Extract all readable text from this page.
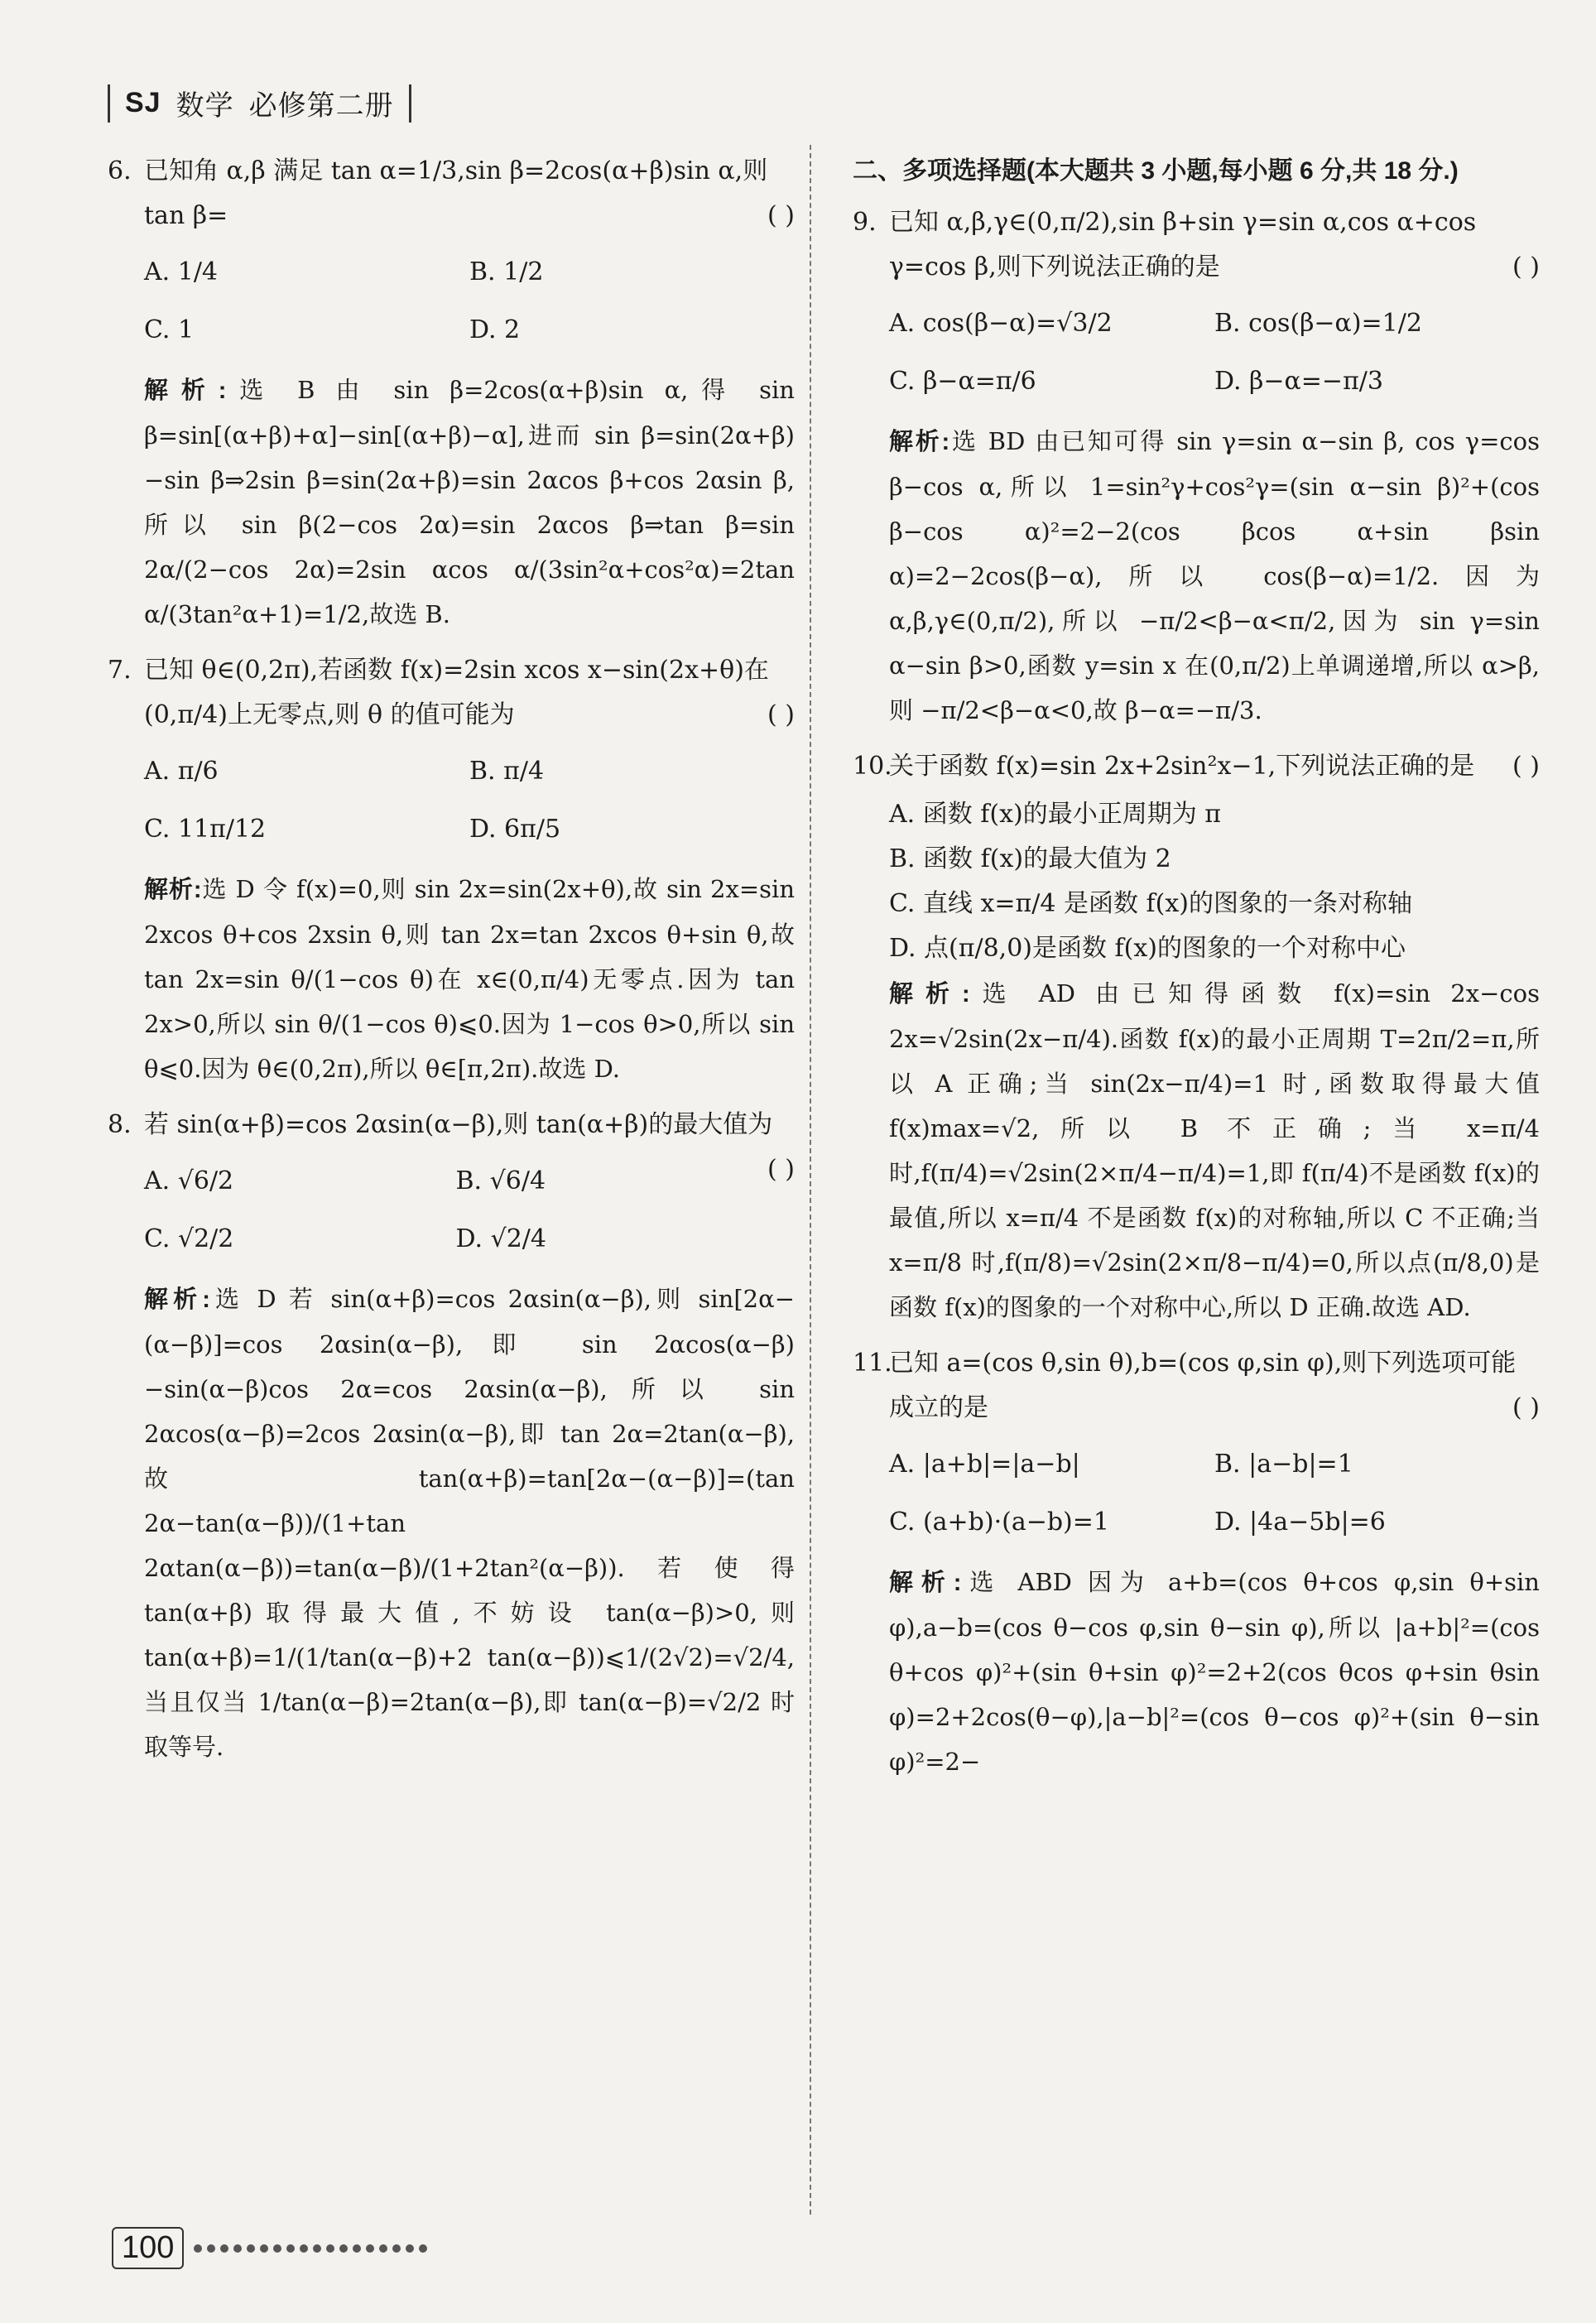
SJ 数学 必修第二册

6. 已知角 α,β 满足 tan α=1/3,sin β=2cos(α+β)sin α,则 tan β=	( )

A. 1/4	B. 1/2
C. 1	D. 2

解析:选 B 由 sin β=2cos(α+β)sin α,得 sin β=sin[(α+β)+α]−sin[(α+β)−α],进而 sin β=sin(2α+β)−sin β⇒2sin β=sin(2α+β)=sin 2αcos β+cos 2αsin β,所以 sin β(2−cos 2α)=sin 2αcos β⇒tan β=sin 2α/(2−cos 2α)=2sin αcos α/(3sin²α+cos²α)=2tan α/(3tan²α+1)=1/2,故选 B.

7. 已知 θ∈(0,2π),若函数 f(x)=2sin xcos x−sin(2x+θ)在(0,π/4)上无零点,则 θ 的值可能为	( )

A. π/6	B. π/4
C. 11π/12	D. 6π/5

解析:选 D 令 f(x)=0,则 sin 2x=sin(2x+θ),故 sin 2x=sin 2xcos θ+cos 2xsin θ,则 tan 2x=tan 2xcos θ+sin θ,故 tan 2x=sin θ/(1−cos θ)在 x∈(0,π/4)无零点.因为 tan 2x>0,所以 sin θ/(1−cos θ)⩽0.因为 1−cos θ>0,所以 sin θ⩽0.因为 θ∈(0,2π),所以 θ∈[π,2π).故选 D.

8. 若 sin(α+β)=cos 2αsin(α−β),则 tan(α+β)的最大值为
( )

A. √6/2	B. √6/4
C. √2/2	D. √2/4

解析:选 D 若 sin(α+β)=cos 2αsin(α−β),则 sin[2α−(α−β)]=cos 2αsin(α−β),即 sin 2αcos(α−β)−sin(α−β)cos 2α=cos 2αsin(α−β),所以 sin 2αcos(α−β)=2cos 2αsin(α−β),即 tan 2α=2tan(α−β),故 tan(α+β)=tan[2α−(α−β)]=(tan 2α−tan(α−β))/(1+tan 2αtan(α−β))=tan(α−β)/(1+2tan²(α−β)).若使得 tan(α+β)取得最大值,不妨设 tan(α−β)>0,则 tan(α+β)=1/(1/tan(α−β)+2 tan(α−β))⩽1/(2√2)=√2/4,当且仅当 1/tan(α−β)=2tan(α−β),即 tan(α−β)=√2/2 时取等号.

二、多项选择题(本大题共 3 小题,每小题 6 分,共 18 分.)

9. 已知 α,β,γ∈(0,π/2),sin β+sin γ=sin α,cos α+cos γ=cos β,则下列说法正确的是	( )

A. cos(β−α)=√3/2	B. cos(β−α)=1/2
C. β−α=π/6	D. β−α=−π/3

解析:选 BD 由已知可得 sin γ=sin α−sin β, cos γ=cos β−cos α,所以 1=sin²γ+cos²γ=(sin α−sin β)²+(cos β−cos α)²=2−2(cos βcos α+sin βsin α)=2−2cos(β−α),所以 cos(β−α)=1/2.因为 α,β,γ∈(0,π/2),所以 −π/2<β−α<π/2,因为 sin γ=sin α−sin β>0,函数 y=sin x 在(0,π/2)上单调递增,所以 α>β,则 −π/2<β−α<0,故 β−α=−π/3.

10.
关于函数 f(x)=sin 2x+2sin²x−1,下列说法正确的是 ( )

A. 函数 f(x)的最小正周期为 π
B. 函数 f(x)的最大值为 2
C. 直线 x=π/4 是函数 f(x)的图象的一条对称轴
D. 点(π/8,0)是函数 f(x)的图象的一个对称中心

解析:选 AD 由已知得函数 f(x)=sin 2x−cos 2x=√2sin(2x−π/4).函数 f(x)的最小正周期 T=2π/2=π,所以 A 正确;当 sin(2x−π/4)=1 时,函数取得最大值 f(x)max=√2,所以 B 不正确;当 x=π/4 时,f(π/4)=√2sin(2×π/4−π/4)=1,即 f(π/4)不是函数 f(x)的最值,所以 x=π/4 不是函数 f(x)的对称轴,所以 C 不正确;当 x=π/8 时,f(π/8)=√2sin(2×π/8−π/4)=0,所以点(π/8,0)是函数 f(x)的图象的一个对称中心,所以 D 正确.故选 AD.

11.
已知 a=(cos θ,sin θ),b=(cos φ,sin φ),则下列选项可能成立的是	( )

A. |a+b|=|a−b|	B. |a−b|=1
C. (a+b)·(a−b)=1	D. |4a−5b|=6

解析:选 ABD 因为 a+b=(cos θ+cos φ,sin θ+sin φ),a−b=(cos θ−cos φ,sin θ−sin φ),所以 |a+b|²=(cos θ+cos φ)²+(sin θ+sin φ)²=2+2(cos θcos φ+sin θsin φ)=2+2cos(θ−φ),|a−b|²=(cos θ−cos φ)²+(sin θ−sin φ)²=2−

100
